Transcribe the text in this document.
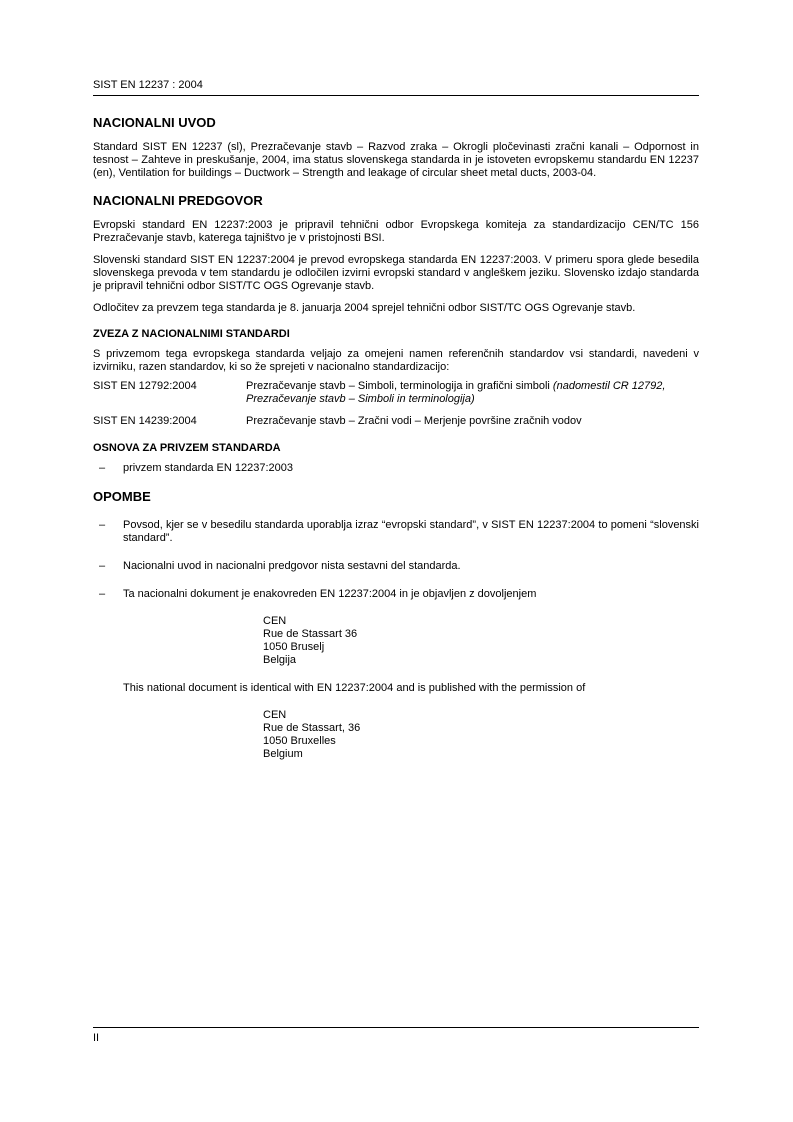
SIST EN 12237 : 2004
NACIONALNI UVOD

Standard SIST EN 12237 (sl), Prezračevanje stavb – Razvod zraka – Okrogli pločevinasti zračni kanali – Odpornost in tesnost – Zahteve in preskušanje, 2004, ima status slovenskega standarda in je istoveten evropskemu standardu EN 12237 (en), Ventilation for buildings – Ductwork – Strength and leakage of circular sheet metal ducts, 2003-04.

NACIONALNI PREDGOVOR

Evropski standard EN 12237:2003 je pripravil tehnični odbor Evropskega komiteja za standardizacijo CEN/TC 156 Prezračevanje stavb, katerega tajništvo je v pristojnosti BSI.

Slovenski standard SIST EN 12237:2004 je prevod evropskega standarda EN 12237:2003. V primeru spora glede besedila slovenskega prevoda v tem standardu je odločilen izvirni evropski standard v angleškem jeziku. Slovensko izdajo standarda je pripravil tehnični odbor SIST/TC OGS Ogrevanje stavb.

Odločitev za prevzem tega standarda je 8. januarja 2004 sprejel tehnični odbor SIST/TC OGS Ogrevanje stavb.

ZVEZA Z NACIONALNIMI STANDARDI

S privzemom tega evropskega standarda veljajo za omejeni namen referenčnih standardov vsi standardi, navedeni v izvirniku, razen standardov, ki so že sprejeti v nacionalno standardizacijo:

SIST EN 12792:2004	Prezračevanje stavb – Simboli, terminologija in grafični simboli (nadomestil CR 12792, Prezračevanje stavb – Simboli in terminologija)
SIST EN 14239:2004	Prezračevanje stavb – Zračni vodi – Merjenje površine zračnih vodov
OSNOVA ZA PRIVZEM STANDARDA
–	privzem standarda EN 12237:2003
OPOMBE
–	Povsod, kjer se v besedilu standarda uporablja izraz “evropski standard”, v SIST EN 12237:2004 to pomeni “slovenski standard”.
–	Nacionalni uvod in nacionalni predgovor nista sestavni del standarda.
–	Ta nacionalni dokument je enakovreden EN 12237:2004 in je objavljen z dovoljenjem
CEN
Rue de Stassart 36
1050 Bruselj
Belgija

This national document is identical with EN 12237:2004 and is published with the permission of

CEN
Rue de Stassart, 36
1050 Bruxelles
Belgium
II
